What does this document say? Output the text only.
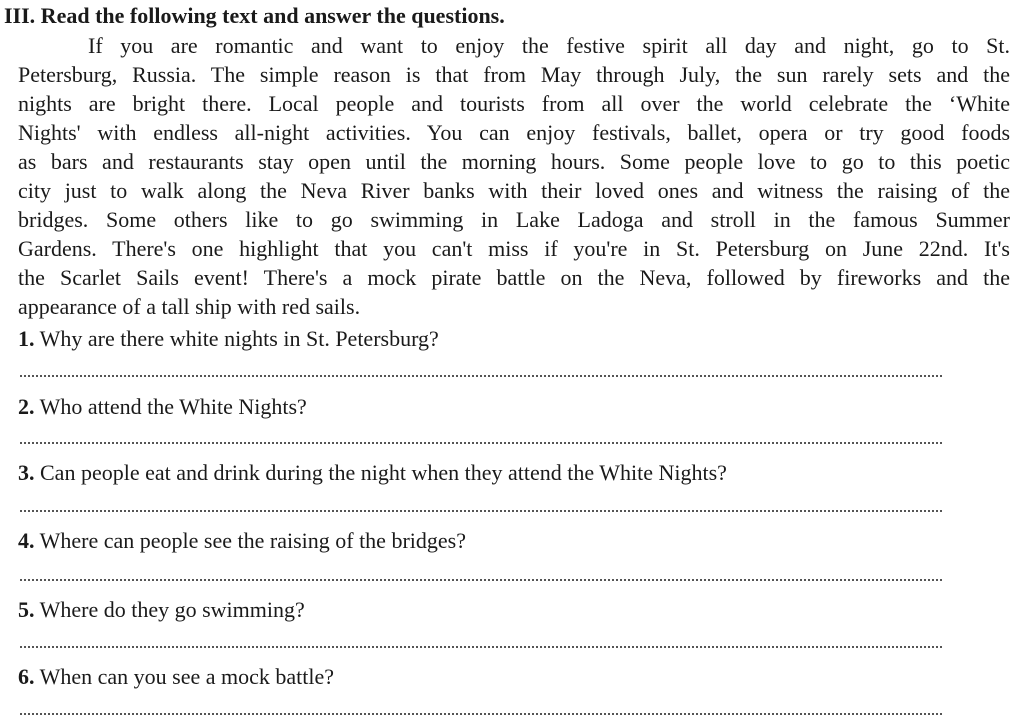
III. Read the following text and answer the questions.
If you are romantic and want to enjoy the festive spirit all day and night, go to St.
Petersburg, Russia. The simple reason is that from May through July, the sun rarely sets and the
nights are bright there. Local people and tourists from all over the world celebrate the ‘White
Nights' with endless all-night activities. You can enjoy festivals, ballet, opera or try good foods
as bars and restaurants stay open until the morning hours. Some people love to go to this poetic
city just to walk along the Neva River banks with their loved ones and witness the raising of the
bridges. Some others like to go swimming in Lake Ladoga and stroll in the famous Summer
Gardens. There's one highlight that you can't miss if you're in St. Petersburg on June 22nd. It's
the Scarlet Sails event! There's a mock pirate battle on the Neva, followed by fireworks and the
appearance of a tall ship with red sails.
1. Why are there white nights in St. Petersburg?
2. Who attend the White Nights?
3. Can people eat and drink during the night when they attend the White Nights?
4. Where can people see the raising of the bridges?
5. Where do they go swimming?
6. When can you see a mock battle?
